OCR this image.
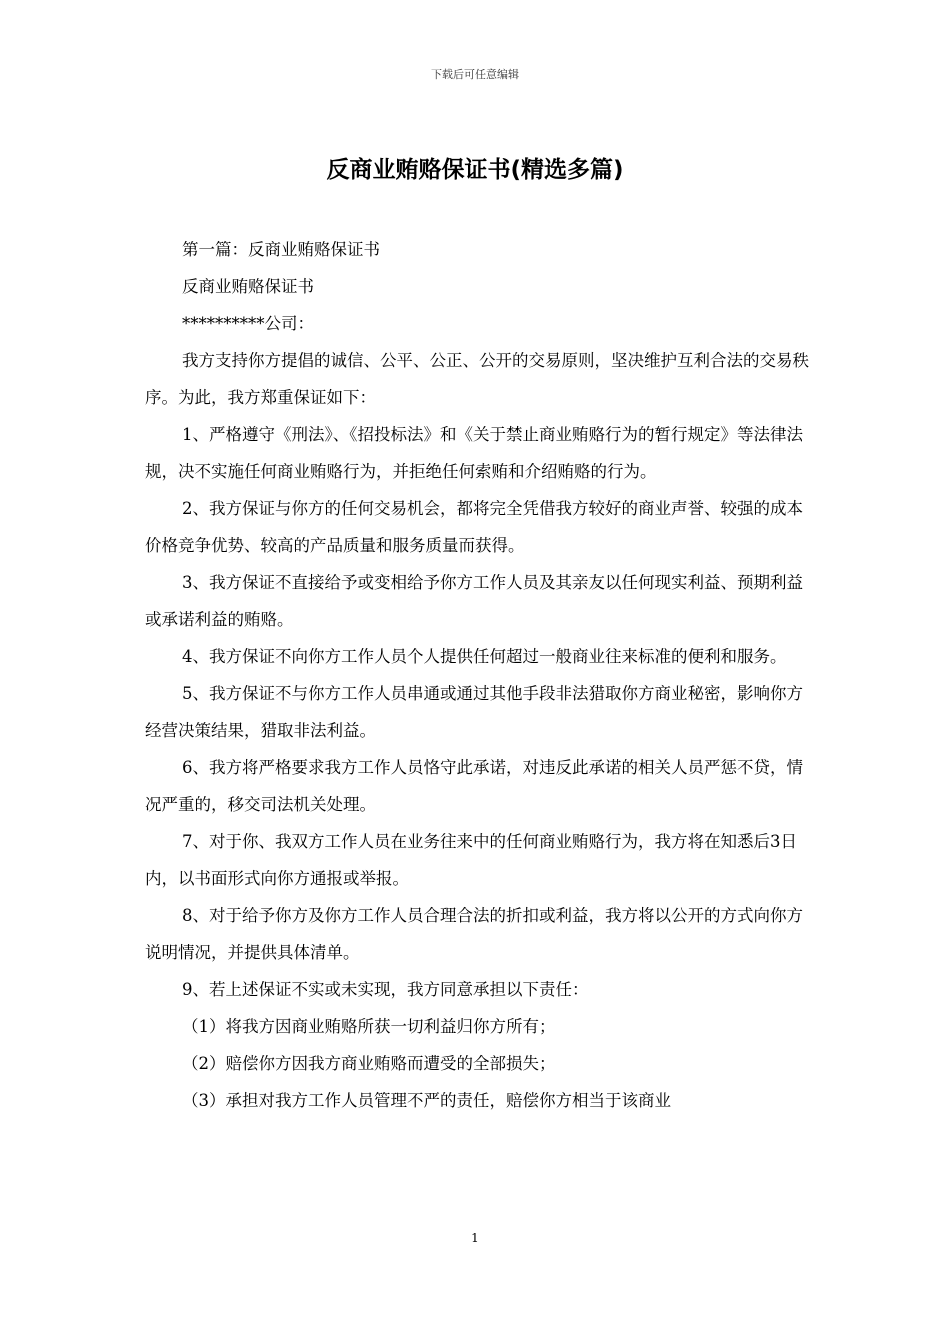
下载后可任意编辑
反商业贿赂保证书(精选多篇)

第一篇：反商业贿赂保证书

反商业贿赂保证书

**********公司：

我方支持你方提倡的诚信、公平、公正、公开的交易原则，坚决维护互利合法的交易秩序。为此，我方郑重保证如下：

1、严格遵守《刑法》、《招投标法》和《关于禁止商业贿赂行为的暂行规定》等法律法规，决不实施任何商业贿赂行为，并拒绝任何索贿和介绍贿赂的行为。

2、我方保证与你方的任何交易机会，都将完全凭借我方较好的商业声誉、较强的成本价格竞争优势、较高的产品质量和服务质量而获得。

3、我方保证不直接给予或变相给予你方工作人员及其亲友以任何现实利益、预期利益或承诺利益的贿赂。

4、我方保证不向你方工作人员个人提供任何超过一般商业往来标准的便利和服务。

5、我方保证不与你方工作人员串通或通过其他手段非法猎取你方商业秘密，影响你方经营决策结果，猎取非法利益。

6、我方将严格要求我方工作人员恪守此承诺，对违反此承诺的相关人员严惩不贷，情况严重的，移交司法机关处理。

7、对于你、我双方工作人员在业务往来中的任何商业贿赂行为，我方将在知悉后3日内，以书面形式向你方通报或举报。

8、对于给予你方及你方工作人员合理合法的折扣或利益，我方将以公开的方式向你方说明情况，并提供具体清单。

9、若上述保证不实或未实现，我方同意承担以下责任：

（1）将我方因商业贿赂所获一切利益归你方所有；

（2）赔偿你方因我方商业贿赂而遭受的全部损失；

（3）承担对我方工作人员管理不严的责任，赔偿你方相当于该商业

1
